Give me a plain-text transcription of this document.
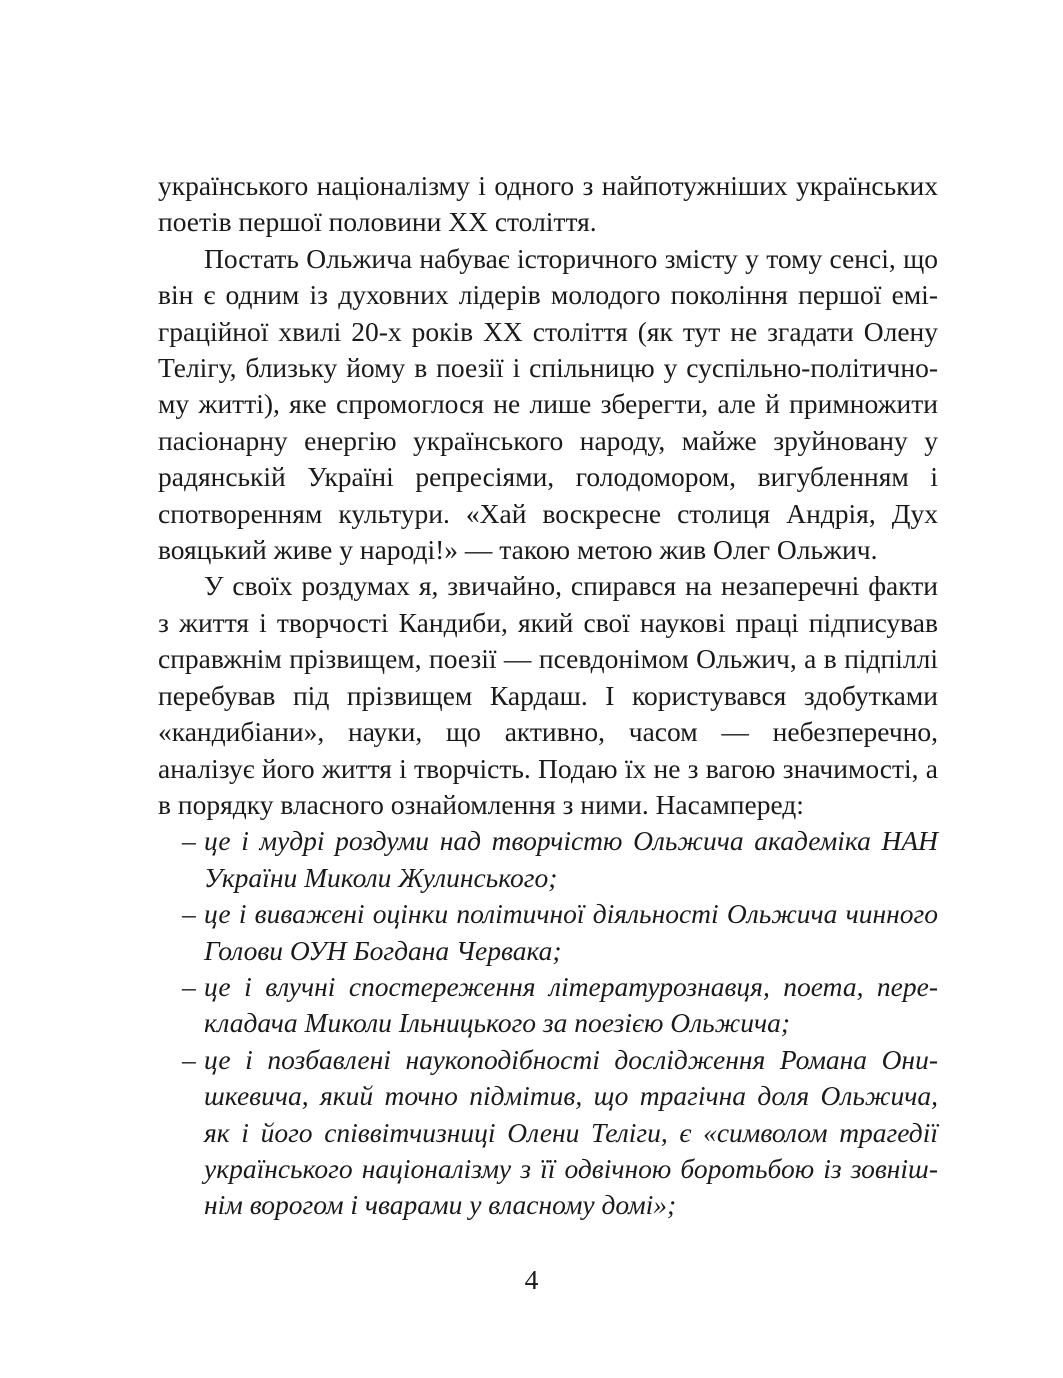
українського націоналізму і одного з найпотужніших українських поетів першої половини ХХ століття.

Постать Ольжича набуває історичного змісту у тому сенсі, що він є одним із духовних лідерів молодого покоління першої еміграційної хвилі 20-х років ХХ століття (як тут не згадати Олену Телігу, близьку йому в поезії і спільницю у суспільно-політичному житті), яке спромоглося не лише зберегти, але й примножити пасіонарну енергію українського народу, майже зруйновану у радянській Україні репресіями, голодомором, вигубленням і спотворенням культури. «Хай воскресне столиця Андрія, Дух вояцький живе у народі!» — такою метою жив Олег Ольжич.

У своїх роздумах я, звичайно, спирався на незаперечні факти з життя і творчості Кандиби, який свої наукові праці підписував справжнім прізвищем, поезії — псевдонімом Ольжич, а в підпіллі перебував під прізвищем Кардаш. І користувався здобутками «кандибіани», науки, що активно, часом — небезперечно, аналізує його життя і творчість. Подаю їх не з вагою значимості, а в порядку власного ознайомлення з ними. Насамперед:

– це і мудрі роздуми над творчістю Ольжича академіка НАН України Миколи Жулинського;
– це і виважені оцінки політичної діяльності Ольжича чинного Голови ОУН Богдана Червака;
– це і влучні спостереження літературознавця, поета, перекладача Миколи Ільницького за поезією Ольжича;
– це і позбавлені наукоподібності дослідження Романа Онишкевича, який точно підмітив, що трагічна доля Ольжича, як і його співвітчизниці Олени Теліги, є «символом трагедії українського націоналізму з її одвічною боротьбою із зовнішнім ворогом і чварами у власному домі»;
4
